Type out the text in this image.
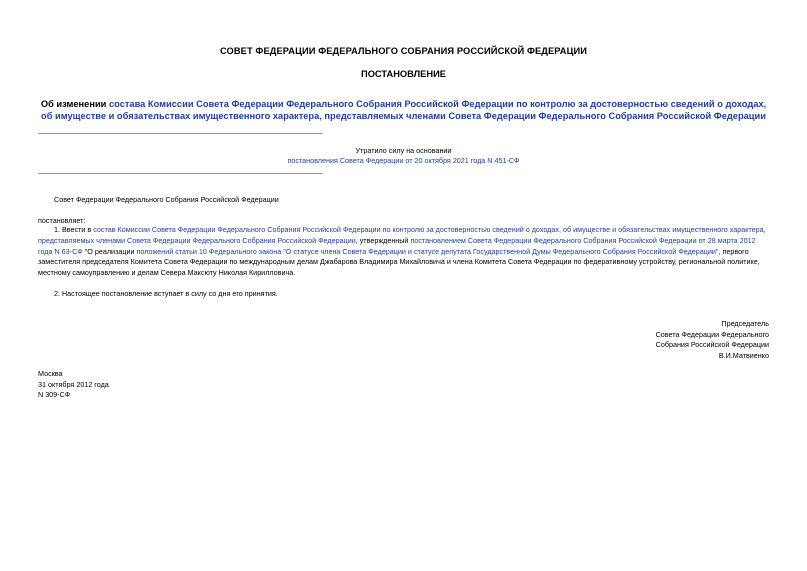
СОВЕТ ФЕДЕРАЦИИ ФЕДЕРАЛЬНОГО СОБРАНИЯ РОССИЙСКОЙ ФЕДЕРАЦИИ
ПОСТАНОВЛЕНИЕ
Об изменении состава Комиссии Совета Федерации Федерального Собрания Российской Федерации по контролю за достоверностью сведений о доходах, об имуществе и обязательствах имущественного характера, представляемых членами Совета Федерации Федерального Собрания Российской Федерации
Утратило силу на основании
постановления Совета Федерации от 20 октября 2021 года N 451-СФ
Совет Федерации Федерального Собрания Российской Федерации
постановляет:
1. Ввести в состав Комиссии Совета Федерации Федерального Собрания Российской Федерации по контролю за достоверностью сведений о доходах, об имуществе и обязательствах имущественного характера, представляемых членами Совета Федерации Федерального Собрания Российской Федерации, утвержденный постановлением Совета Федерации Федерального Собрания Российской Федерации от 28 марта 2012 года N 63-СФ "О реализации положений статьи 10 Федерального закона "О статусе члена Совета Федерации и статусе депутата Государственной Думы Федерального Собрания Российской Федерации", первого заместителя председателя Комитета Совета Федерации по международным делам Джабарова Владимира Михайловича и члена Комитета Совета Федерации по федеративному устройству, региональной политике, местному самоуправлению и делам Севера Максюту Николая Кирилловича.
2. Настоящее постановление вступает в силу со дня его принятия.
Председатель
Совета Федерации Федерального
Собрания Российской Федерации
В.И.Матвиенко
Москва
31 октября 2012 года
N 309-СФ
